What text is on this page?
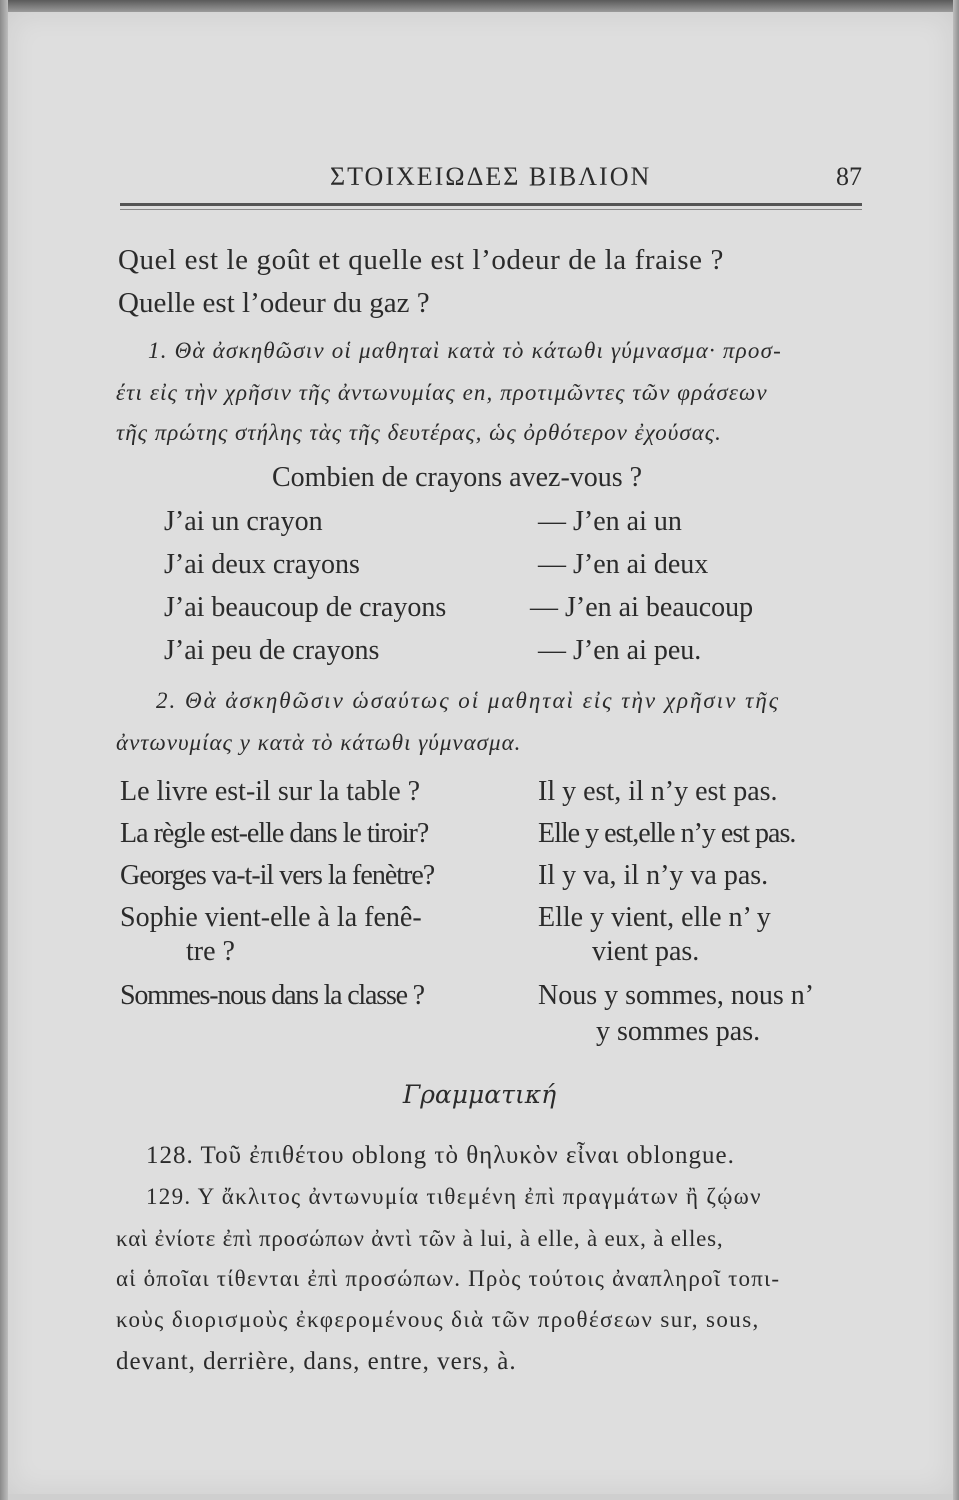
ΣΤΟΙΧΕΙΩΔΕΣ ΒΙΒΛΙΟΝ	87
Quel est le goût et quelle est l’odeur de la fraise ?
Quelle est l’odeur du gaz ?
1. Θὰ ἀσκηθῶσιν οἱ μαθηταὶ κατὰ τὸ κάτωθι γύμνασμα· προσ-
έτι εἰς τὴν χρῆσιν τῆς ἀντωνυμίας en, προτιμῶντες τῶν φράσεων
τῆς πρώτης στήλης τὰς τῆς δευτέρας, ὡς ὀρθότερον ἐχούσας.
Combien de crayons avez-vous ?
J’ai un crayon	— J’en ai un
J’ai deux crayons	— J’en ai deux
J’ai beaucoup de crayons	— J’en ai beaucoup
J’ai peu de crayons	— J’en ai peu.
2. Θὰ ἀσκηθῶσιν ὡσαύτως οἱ μαθηταὶ εἰς τὴν χρῆσιν τῆς
ἀντωνυμίας y κατὰ τὸ κάτωθι γύμνασμα.
Le livre est-il sur la table ?	Il y est, il n’y est pas.
La règle est-elle dans le tiroir?	Elle y est,elle n’y est pas.
Georges va-t-il vers la fenètre?	Il y va, il n’y va pas.
Sophie vient-elle à la fenê-	Elle y vient, elle n’ y
tre ?	vient pas.
Sommes-nous dans la classe ?	Nous y sommes, nous n’
y sommes pas.
Γραμματική
128. Τοῦ ἐπιθέτου oblong τὸ θηλυκὸν εἶναι oblongue.
129. Y ἄκλιτος ἀντωνυμία τιθεμένη ἐπὶ πραγμάτων ἢ ζῴων
καὶ ἐνίοτε ἐπὶ προσώπων ἀντὶ τῶν à lui, à elle, à eux, à elles,
αἱ ὁποῖαι τίθενται ἐπὶ προσώπων. Πρὸς τούτοις ἀναπληροῖ τοπι-
κοὺς διορισμοὺς ἐκφερομένους διὰ τῶν προθέσεων sur, sous,
devant, derrière, dans, entre, vers, à.
